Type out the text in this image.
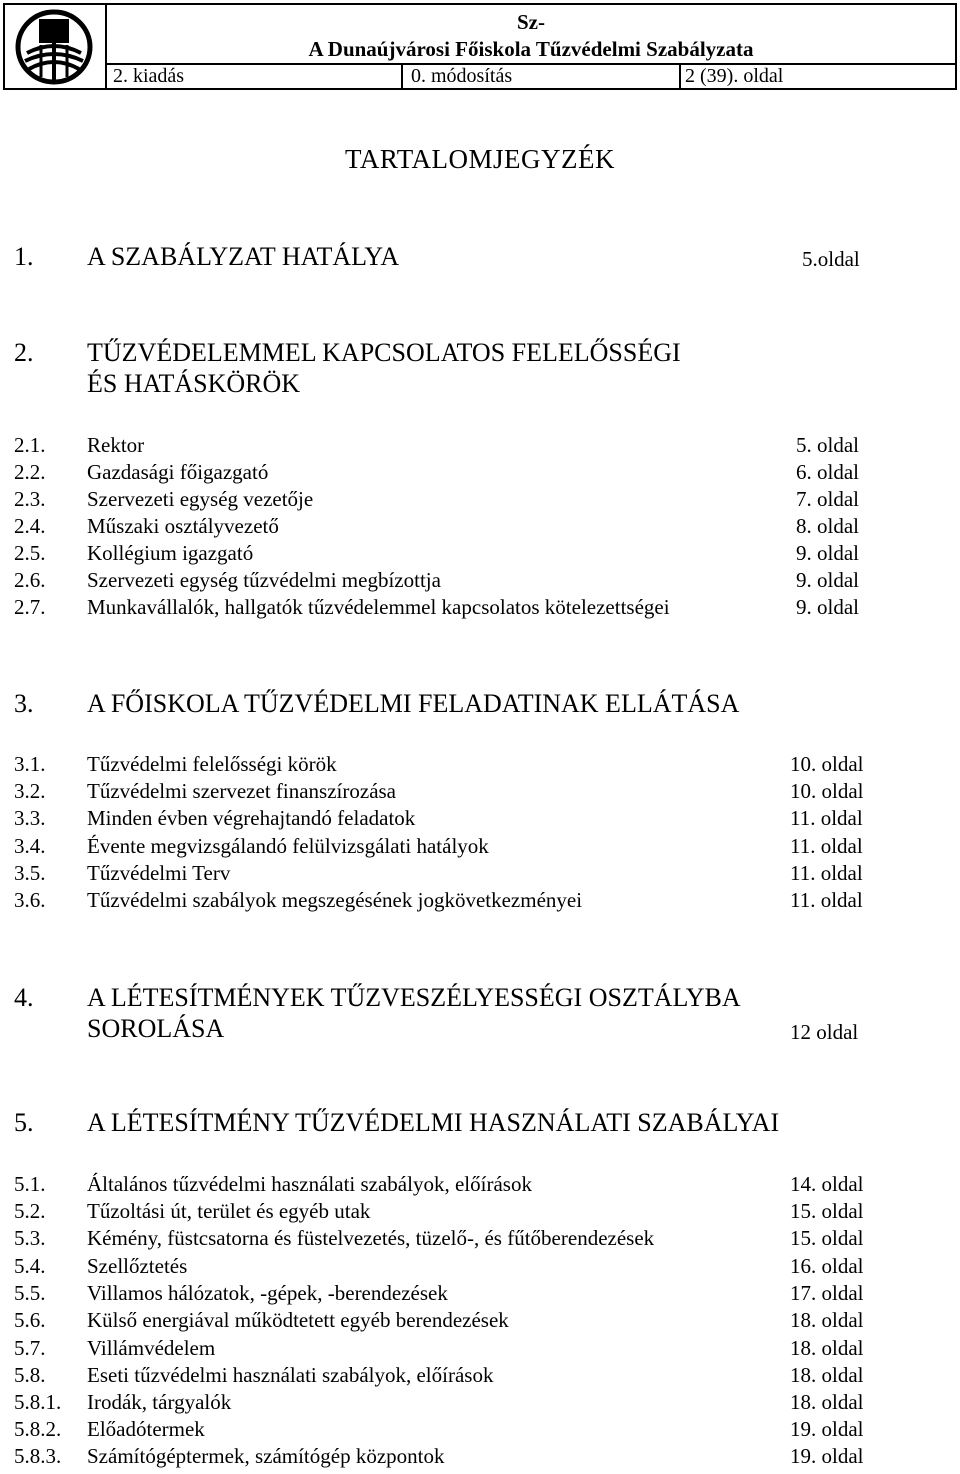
Sz-
A Dunaújvárosi Főiskola Tűzvédelmi Szabályzata
2. kiadás	0. módosítás	2 (39). oldal
TARTALOMJEGYZÉK
1. A SZABÁLYZAT HATÁLYA	5.oldal
2. TŰZVÉDELEMMEL KAPCSOLATOS FELELŐSSÉGI
ÉS HATÁSKÖRÖK
2.1. Rektor	5. oldal
2.2. Gazdasági főigazgató	6. oldal
2.3. Szervezeti egység vezetője	7. oldal
2.4. Műszaki osztályvezető	8. oldal
2.5. Kollégium igazgató	9. oldal
2.6. Szervezeti egység tűzvédelmi megbízottja	9. oldal
2.7. Munkavállalók, hallgatók tűzvédelemmel kapcsolatos kötelezettségei	9. oldal
3. A FŐISKOLA TŰZVÉDELMI FELADATINAK ELLÁTÁSA
3.1. Tűzvédelmi felelősségi körök	10. oldal
3.2. Tűzvédelmi szervezet finanszírozása	10. oldal
3.3. Minden évben végrehajtandó feladatok	11. oldal
3.4. Évente megvizsgálandó felülvizsgálati hatályok	11. oldal
3.5. Tűzvédelmi Terv	11. oldal
3.6. Tűzvédelmi szabályok megszegésének jogkövetkezményei	11. oldal
4. A LÉTESÍTMÉNYEK TŰZVESZÉLYESSÉGI OSZTÁLYBA
SOROLÁSA	12 oldal
5. A LÉTESÍTMÉNY TŰZVÉDELMI HASZNÁLATI SZABÁLYAI
5.1. Általános tűzvédelmi használati szabályok, előírások	14. oldal
5.2. Tűzoltási út, terület és egyéb utak	15. oldal
5.3. Kémény, füstcsatorna és füstelvezetés, tüzelő-, és fűtőberendezések	15. oldal
5.4. Szellőztetés	16. oldal
5.5. Villamos hálózatok, -gépek, -berendezések	17. oldal
5.6. Külső energiával működtetett egyéb berendezések	18. oldal
5.7. Villámvédelem	18. oldal
5.8. Eseti tűzvédelmi használati szabályok, előírások	18. oldal
5.8.1. Irodák, tárgyalók	18. oldal
5.8.2. Előadótermek	19. oldal
5.8.3. Számítógéptermek, számítógép központok	19. oldal
